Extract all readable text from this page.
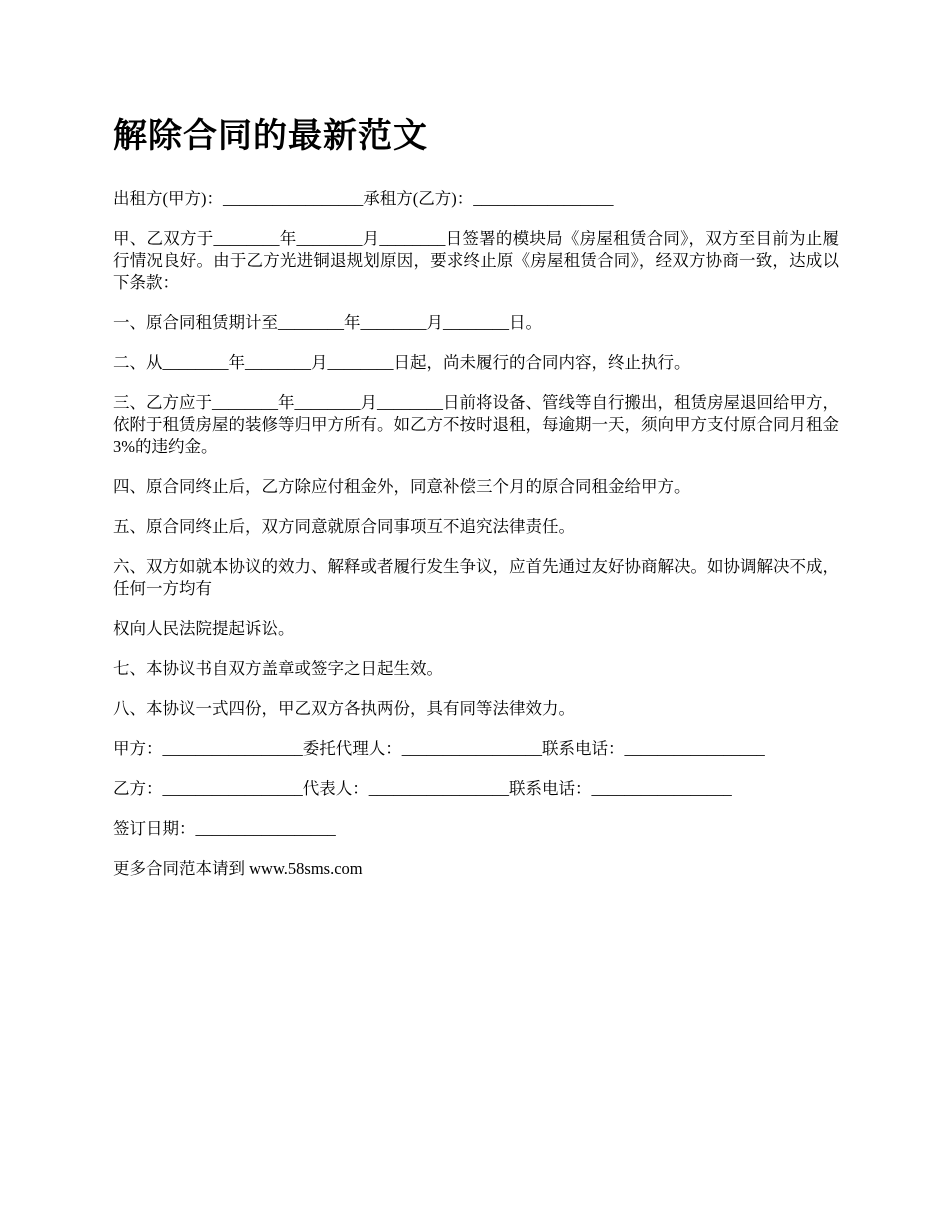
解除合同的最新范文

出租方(甲方)：_________________承租方(乙方)：_________________

甲、乙双方于________年________月________日签署的模块局《房屋租赁合同》，双方至目前为止履行情况良好。由于乙方光进铜退规划原因，要求终止原《房屋租赁合同》，经双方协商一致，达成以下条款：

一、原合同租赁期计至________年________月________日。

二、从________年________月________日起，尚未履行的合同内容，终止执行。

三、乙方应于________年________月________日前将设备、管线等自行搬出，租赁房屋退回给甲方，依附于租赁房屋的装修等归甲方所有。如乙方不按时退租，每逾期一天，须向甲方支付原合同月租金3%的违约金。

四、原合同终止后，乙方除应付租金外，同意补偿三个月的原合同租金给甲方。

五、原合同终止后，双方同意就原合同事项互不追究法律责任。

六、双方如就本协议的效力、解释或者履行发生争议，应首先通过友好协商解决。如协调解决不成，任何一方均有

权向人民法院提起诉讼。

七、本协议书自双方盖章或签字之日起生效。

八、本协议一式四份，甲乙双方各执两份，具有同等法律效力。

甲方：_________________委托代理人：_________________联系电话：_________________

乙方：_________________代表人：_________________联系电话：_________________

签订日期：_________________

更多合同范本请到 www.58sms.com
